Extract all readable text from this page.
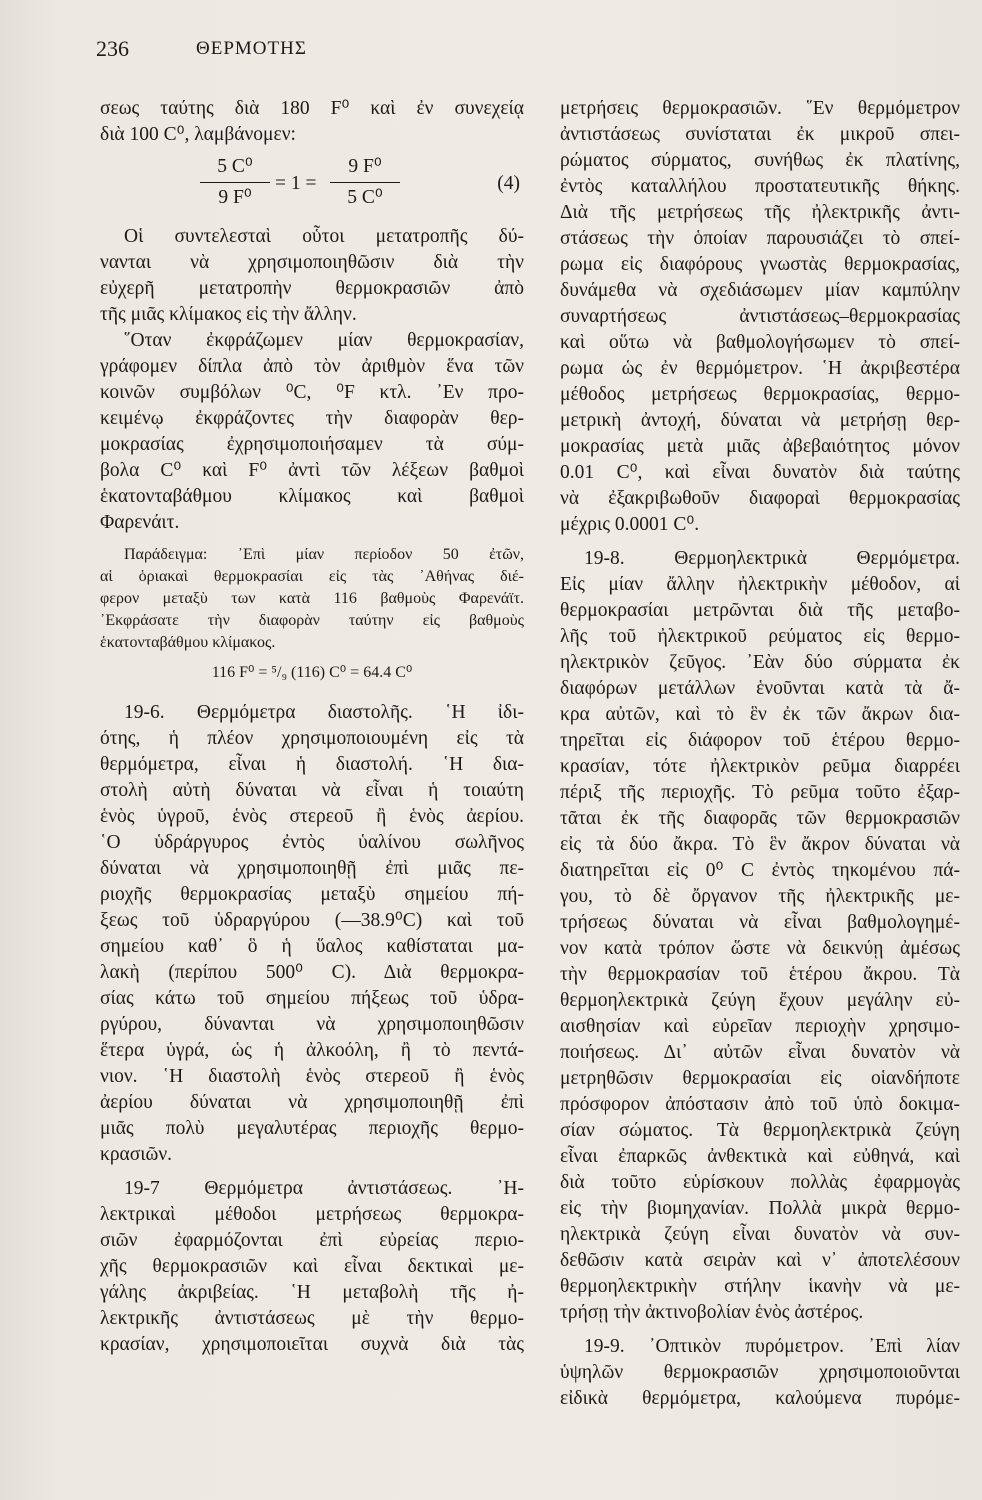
236	ΘΕΡΜΟΤΗΣ
σεως ταύτης διὰ 180 F⁰ καὶ ἐν συνεχείᾳ
διὰ 100 C⁰, λαμβάνομεν:
$\frac{\text{5 C⁰}}{\text{9 F⁰}} = 1 = \frac{\text{9 F⁰}}{\text{5 C⁰}}$	(4)
Οἱ συντελεσταὶ οὗτοι μετατροπῆς δύ-
νανται νὰ χρησιμοποιηθῶσιν διὰ τὴν
εὐχερῆ μετατροπὴν θερμοκρασιῶν ἀπὸ
τῆς μιᾶς κλίμακος εἰς τὴν ἄλλην.
῞Οταν ἐκφράζωμεν μίαν θερμοκρασίαν,
γράφομεν δίπλα ἀπὸ τὸν ἀριθμὸν ἕνα τῶν
κοινῶν συμβόλων ⁰C, ⁰F κτλ. ᾿Εν προ-
κειμένῳ ἐκφράζοντες τὴν διαφορὰν θερ-
μοκρασίας ἐχρησιμοποιήσαμεν τὰ σύμ-
βολα C⁰ καὶ F⁰ ἀντὶ τῶν λέξεων βαθμοὶ
ἑκατονταβάθμου κλίμακος καὶ βαθμοὶ
Φαρενάιτ.
Παράδειγμα: ᾿Επὶ μίαν περίοδον 50 ἐτῶν,
αἱ ὁριακαὶ θερμοκρασίαι εἰς τὰς ᾿Αθήνας διέ-
φερον μεταξὺ των κατὰ 116 βαθμοὺς Φαρενάϊτ.
᾿Εκφράσατε τὴν διαφορὰν ταύτην εἰς βαθμοὺς
ἑκατονταβάθμου κλίμακος.
116 F⁰ = ⁵/₉ (116) C⁰ = 64.4 C⁰
19-6. Θερμόμετρα διαστολῆς. ῾Η ἰδι-
ότης, ἡ πλέον χρησιμοποιουμένη εἰς τὰ
θερμόμετρα, εἶναι ἡ διαστολή. ῾Η δια-
στολὴ αὐτὴ δύναται νὰ εἶναι ἡ τοιαύτη
ἑνὸς ὑγροῦ, ἑνὸς στερεοῦ ἢ ἑνὸς ἀερίου.
῾Ο ὑδράργυρος ἐντὸς ὑαλίνου σωλῆνος
δύναται νὰ χρησιμοποιηθῇ ἐπὶ μιᾶς πε-
ριοχῆς θερμοκρασίας μεταξὺ σημείου πή-
ξεως τοῦ ὑδραργύρου (—38.9⁰C) καὶ τοῦ
σημείου καθ᾿ ὃ ἡ ὕαλος καθίσταται μα-
λακὴ (περίπου 500⁰ C). Διὰ θερμοκρα-
σίας κάτω τοῦ σημείου πήξεως τοῦ ὑδρα-
ργύρου, δύνανται νὰ χρησιμοποιηθῶσιν
ἕτερα ὑγρά, ὡς ἡ ἀλκοόλη, ἢ τὸ πεντά-
νιον. ῾Η διαστολὴ ἑνὸς στερεοῦ ἢ ἑνὸς
ἀερίου δύναται νὰ χρησιμοποιηθῇ ἐπὶ
μιᾶς πολὺ μεγαλυτέρας περιοχῆς θερμο-
κρασιῶν.
19-7 Θερμόμετρα ἀντιστάσεως. ᾿Η-
λεκτρικαὶ μέθοδοι μετρήσεως θερμοκρα-
σιῶν ἐφαρμόζονται ἐπὶ εὐρείας περιο-
χῆς θερμοκρασιῶν καὶ εἶναι δεκτικαὶ με-
γάλης ἀκριβείας. ῾Η μεταβολὴ τῆς ἠ-
λεκτρικῆς ἀντιστάσεως μὲ τὴν θερμο-
κρασίαν, χρησιμοποιεῖται συχνὰ διὰ τὰς
μετρήσεις θερμοκρασιῶν. ῞Εν θερμόμετρον
ἀντιστάσεως συνίσταται ἐκ μικροῦ σπει-
ρώματος σύρματος, συνήθως ἐκ πλατίνης,
ἐντὸς καταλλήλου προστατευτικῆς θήκης.
Διὰ τῆς μετρήσεως τῆς ἠλεκτρικῆς ἀντι-
στάσεως τὴν ὁποίαν παρουσιάζει τὸ σπεί-
ρωμα εἰς διαφόρους γνωστὰς θερμοκρασίας,
δυνάμεθα νὰ σχεδιάσωμεν μίαν καμπύλην
συναρτήσεως ἀντιστάσεως–θερμοκρασίας
καὶ οὕτω νὰ βαθμολογήσωμεν τὸ σπεί-
ρωμα ὡς ἐν θερμόμετρον. ῾Η ἀκριβεστέρα
μέθοδος μετρήσεως θερμοκρασίας, θερμο-
μετρικὴ ἀντοχή, δύναται νὰ μετρήσῃ θερ-
μοκρασίας μετὰ μιᾶς ἀβεβαιότητος μόνον
0.01 C⁰, καὶ εἶναι δυνατὸν διὰ ταύτης
νὰ ἐξακριβωθοῦν διαφοραὶ θερμοκρασίας
μέχρις 0.0001 C⁰.
19-8. Θερμοηλεκτρικὰ Θερμόμετρα.
Εἰς μίαν ἄλλην ἠλεκτρικὴν μέθοδον, αἱ
θερμοκρασίαι μετρῶνται διὰ τῆς μεταβο-
λῆς τοῦ ἠλεκτρικοῦ ρεύματος εἰς θερμο-
ηλεκτρικὸν ζεῦγος. ᾿Εὰν δύο σύρματα ἐκ
διαφόρων μετάλλων ἑνοῦνται κατὰ τὰ ἄ-
κρα αὐτῶν, καὶ τὸ ἓν ἐκ τῶν ἄκρων δια-
τηρεῖται εἰς διάφορον τοῦ ἑτέρου θερμο-
κρασίαν, τότε ἠλεκτρικὸν ρεῦμα διαρρέει
πέριξ τῆς περιοχῆς. Τὸ ρεῦμα τοῦτο ἐξαρ-
τᾶται ἐκ τῆς διαφορᾶς τῶν θερμοκρασιῶν
εἰς τὰ δύο ἄκρα. Τὸ ἓν ἄκρον δύναται νὰ
διατηρεῖται εἰς 0⁰ C ἐντὸς τηκομένου πά-
γου, τὸ δὲ ὄργανον τῆς ἠλεκτρικῆς με-
τρήσεως δύναται νὰ εἶναι βαθμολογημέ-
νον κατὰ τρόπον ὥστε νὰ δεικνύῃ ἀμέσως
τὴν θερμοκρασίαν τοῦ ἑτέρου ἄκρου. Τὰ
θερμοηλεκτρικὰ ζεύγη ἔχουν μεγάλην εὐ-
αισθησίαν καὶ εὐρεῖαν περιοχὴν χρησιμο-
ποιήσεως. Δι᾿ αὐτῶν εἶναι δυνατὸν νὰ
μετρηθῶσιν θερμοκρασίαι εἰς οἱανδήποτε
πρόσφορον ἀπόστασιν ἀπὸ τοῦ ὑπὸ δοκιμα-
σίαν σώματος. Τὰ θερμοηλεκτρικὰ ζεύγη
εἶναι ἐπαρκῶς ἀνθεκτικὰ καὶ εὐθηνά, καὶ
διὰ τοῦτο εὑρίσκουν πολλὰς ἐφαρμογὰς
εἰς τὴν βιομηχανίαν. Πολλὰ μικρὰ θερμο-
ηλεκτρικὰ ζεύγη εἶναι δυνατὸν νὰ συν-
δεθῶσιν κατὰ σειρὰν καὶ ν᾿ ἀποτελέσουν
θερμοηλεκτρικὴν στήλην ἱκανὴν νὰ με-
τρήσῃ τὴν ἀκτινοβολίαν ἑνὸς ἀστέρος.
19-9. ᾿Οπτικὸν πυρόμετρον. ᾿Επὶ λίαν
ὑψηλῶν θερμοκρασιῶν χρησιμοποιοῦνται
εἰδικὰ θερμόμετρα, καλούμενα πυρόμε-
